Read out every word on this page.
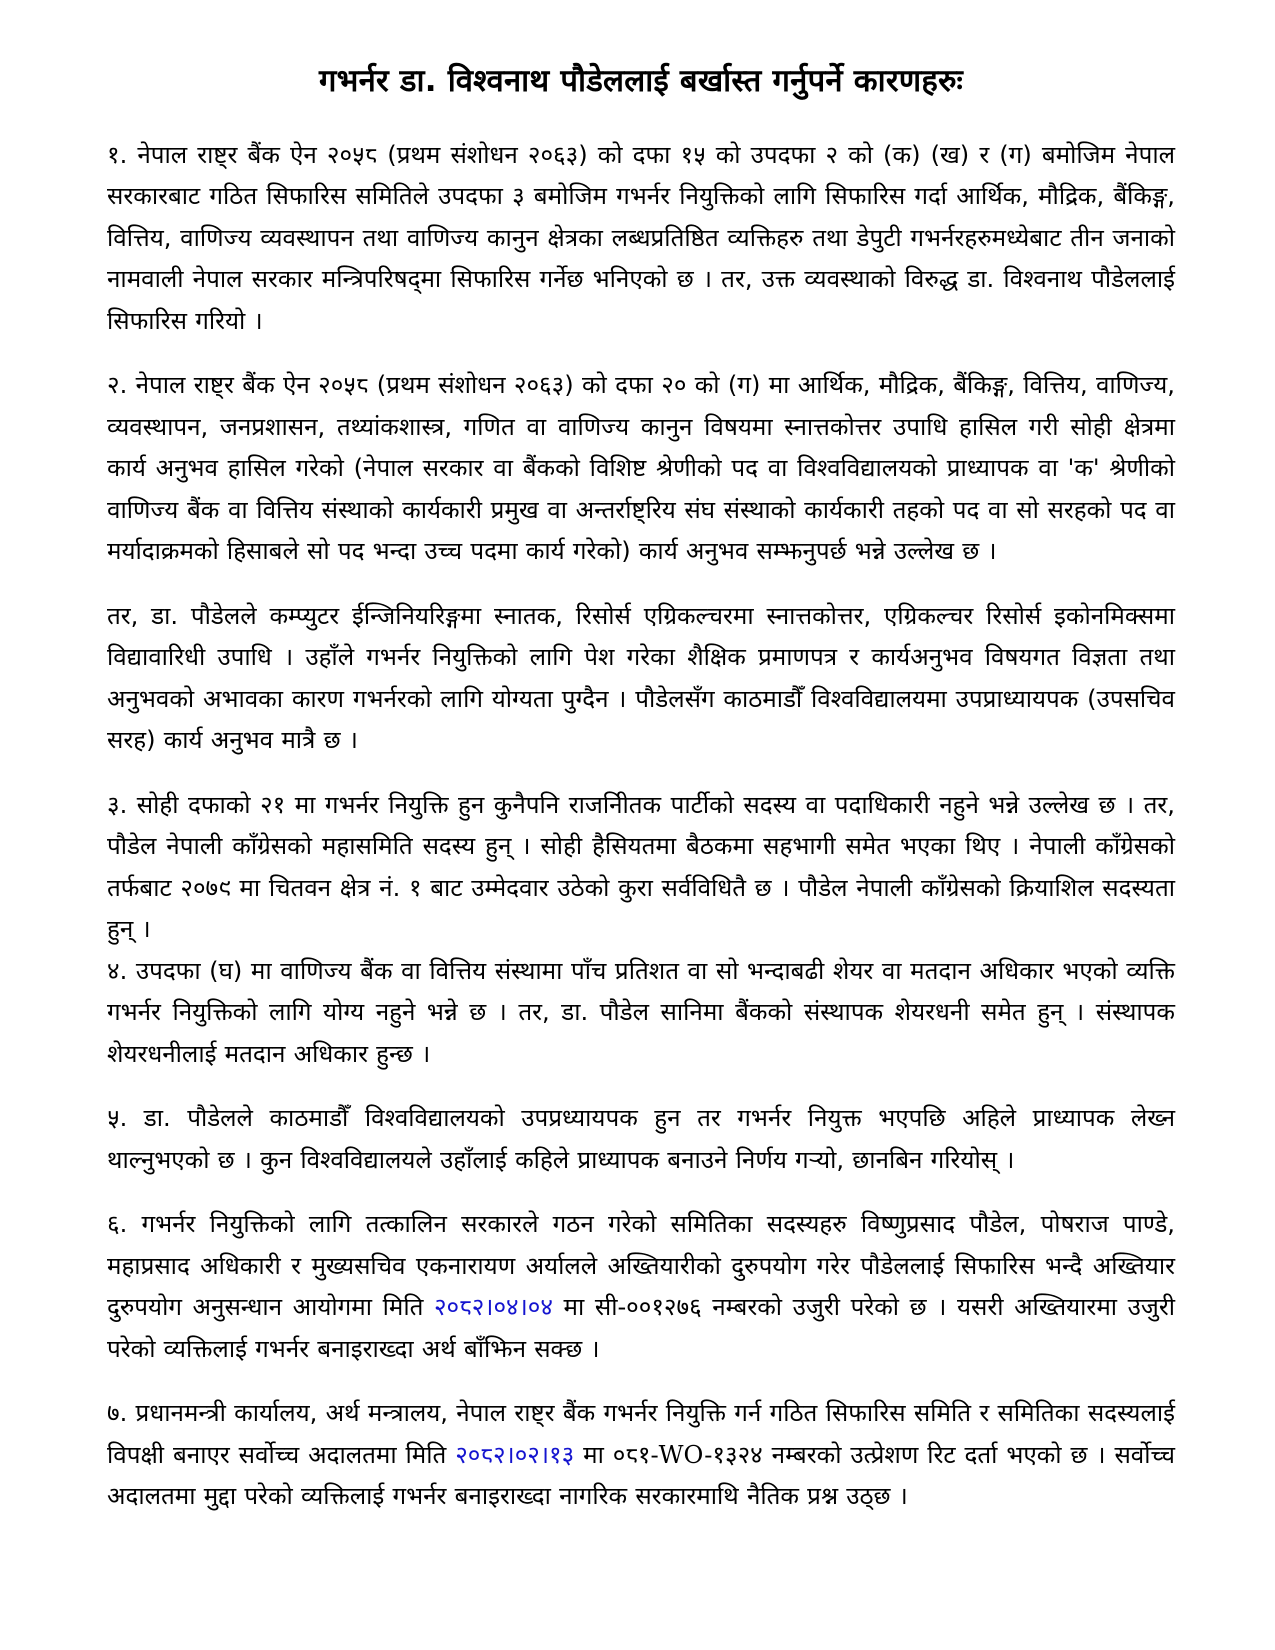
गभर्नर डा. विश्वनाथ पौडेललाई बर्खास्त गर्नुपर्ने कारणहरुः

१. नेपाल राष्ट्र बैंक ऐन २०५८ (प्रथम संशोधन २०६३) को दफा १५ को उपदफा २ को (क) (ख) र (ग) बमोजिम नेपाल सरकारबाट गठित सिफारिस समितिले उपदफा ३ बमोजिम गभर्नर नियुक्तिको लागि सिफारिस गर्दा आर्थिक, मौद्रिक, बैंकिङ्ग, वित्तिय, वाणिज्य व्यवस्थापन तथा वाणिज्य कानुन क्षेत्रका लब्धप्रतिष्ठित व्यक्तिहरु तथा डेपुटी गभर्नरहरुमध्येबाट तीन जनाको नामवाली नेपाल सरकार मन्त्रिपरिषद्‌मा सिफारिस गर्नेछ भनिएको छ । तर, उक्त व्यवस्थाको विरुद्ध डा. विश्वनाथ पौडेललाई सिफारिस गरियो ।

२. नेपाल राष्ट्र बैंक ऐन २०५८ (प्रथम संशोधन २०६३) को दफा २० को (ग) मा आर्थिक, मौद्रिक, बैंकिङ्ग, वित्तिय, वाणिज्य, व्यवस्थापन, जनप्रशासन, तथ्यांकशास्त्र, गणित वा वाणिज्य कानुन विषयमा स्नात्तकोत्तर उपाधि हासिल गरी सोही क्षेत्रमा कार्य अनुभव हासिल गरेको (नेपाल सरकार वा बैंकको विशिष्ट श्रेणीको पद वा विश्वविद्यालयको प्राध्यापक वा 'क' श्रेणीको वाणिज्य बैंक वा वित्तिय संस्थाको कार्यकारी प्रमुख वा अन्तर्राष्ट्रिय संघ संस्थाको कार्यकारी तहको पद वा सो सरहको पद वा मर्यादाक्रमको हिसाबले सो पद भन्दा उच्च पदमा कार्य गरेको) कार्य अनुभव सम्झनुपर्छ भन्ने उल्लेख छ ।

तर, डा. पौडेलले कम्प्युटर ईन्जिनियरिङ्गमा स्नातक, रिसोर्स एग्रिकल्चरमा स्नात्तकोत्तर, एग्रिकल्चर रिसोर्स इकोनमिक्समा विद्यावारिधी उपाधि । उहाँले गभर्नर नियुक्तिको लागि पेश गरेका शैक्षिक प्रमाणपत्र र कार्यअनुभव विषयगत विज्ञता तथा अनुभवको अभावका कारण गभर्नरको लागि योग्यता पुग्दैन । पौडेलसँग काठमाडौँ विश्वविद्यालयमा उपप्राध्यायपक (उपसचिव सरह) कार्य अनुभव मात्रै छ ।

३. सोही दफाको २१ मा गभर्नर नियुक्ति हुन कुनैपनि राजनीितक पार्टीको सदस्य वा पदाधिकारी नहुने भन्ने उल्लेख छ । तर, पौडेल नेपाली काँग्रेसको महासमिति सदस्य हुन् । सोही हैसियतमा बैठकमा सहभागी समेत भएका थिए । नेपाली काँग्रेसको तर्फबाट २०७९ मा चितवन क्षेत्र नं. १ बाट उम्मेदवार उठेको कुरा सर्वविधितै छ । पौडेल नेपाली काँग्रेसको क्रियाशिल सदस्यता हुन् ।

४. उपदफा (घ) मा वाणिज्य बैंक वा वित्तिय संस्थामा पाँच प्रतिशत वा सो भन्दाबढी शेयर वा मतदान अधिकार भएको व्यक्ति गभर्नर नियुक्तिको लागि योग्य नहुने भन्ने छ । तर, डा. पौडेल सानिमा बैंकको संस्थापक शेयरधनी समेत हुन् । संस्थापक शेयरधनीलाई मतदान अधिकार हुन्छ ।

५. डा. पौडेलले काठमाडौँ विश्वविद्यालयको उपप्रध्यायपक हुन तर गभर्नर नियुक्त भएपछि अहिले प्राध्यापक लेख्न थाल्नुभएको छ । कुन विश्वविद्यालयले उहाँलाई कहिले प्राध्यापक बनाउने निर्णय गर्‍यो, छानबिन गरियोस् ।

६. गभर्नर नियुक्तिको लागि तत्कालिन सरकारले गठन गरेको समितिका सदस्यहरु विष्णुप्रसाद पौडेल, पोषराज पाण्डे, महाप्रसाद अधिकारी र मुख्यसचिव एकनारायण अर्यालले अख्तियारीको दुरुपयोग गरेर पौडेललाई सिफारिस भन्दै अख्तियार दुरुपयोग अनुसन्धान आयोगमा मिति २०८२।०४।०४ मा सी-००१२७६ नम्बरको उजुरी परेको छ । यसरी अख्तियारमा उजुरी परेको व्यक्तिलाई गभर्नर बनाइराख्दा अर्थ बाँझिन सक्छ ।

७. प्रधानमन्त्री कार्यालय, अर्थ मन्त्रालय, नेपाल राष्ट्र बैंक गभर्नर नियुक्ति गर्न गठित सिफारिस समिति र समितिका सदस्यलाई विपक्षी बनाएर सर्वोच्च अदालतमा मिति २०८२।०२।१३ मा ०८१-WO-१३२४ नम्बरको उत्प्रेशण रिट दर्ता भएको छ । सर्वोच्च अदालतमा मुद्दा परेको व्यक्तिलाई गभर्नर बनाइराख्दा नागरिक सरकारमाथि नैतिक प्रश्न उठ्छ ।
